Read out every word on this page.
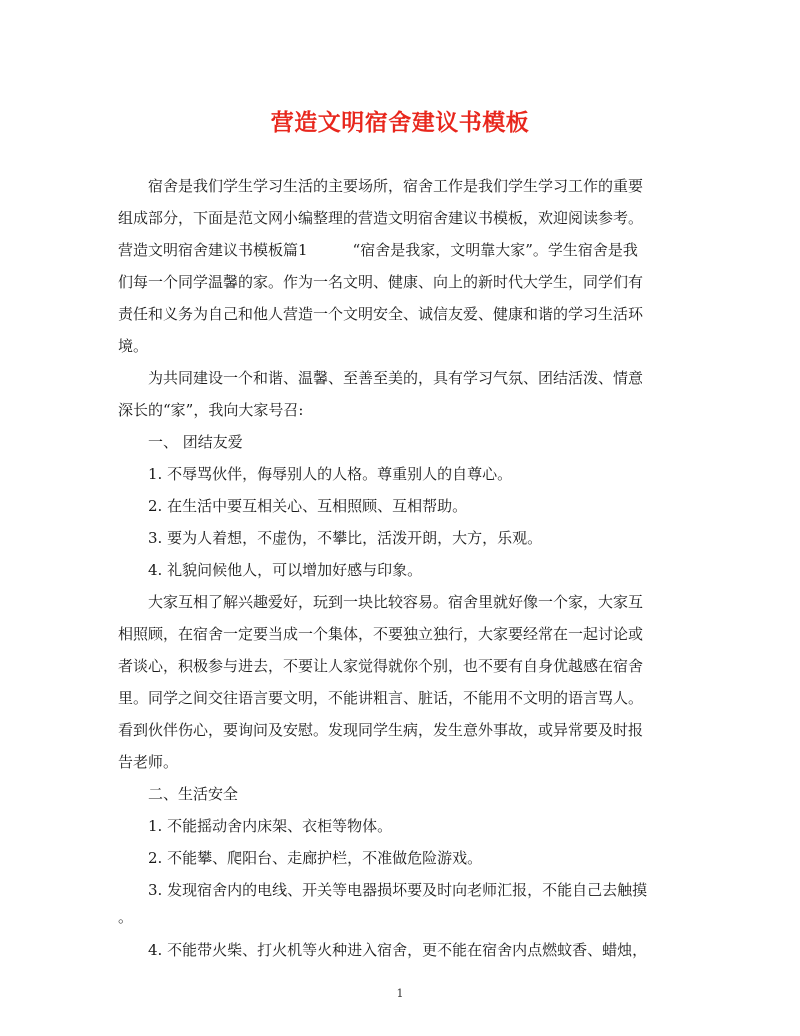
营造文明宿舍建议书模板
宿舍是我们学生学习生活的主要场所，宿舍工作是我们学生学习工作的重要
组成部分，下面是范文网小编整理的营造文明宿舍建议书模板，欢迎阅读参考。
营造文明宿舍建议书模板篇1　　　“宿舍是我家，文明靠大家”。学生宿舍是我
们每一个同学温馨的家。作为一名文明、健康、向上的新时代大学生，同学们有
责任和义务为自己和他人营造一个文明安全、诚信友爱、健康和谐的学习生活环
境。
为共同建设一个和谐、温馨、至善至美的，具有学习气氛、团结活泼、情意
深长的“家”，我向大家号召:
一、 团结友爱
1. 不辱骂伙伴，侮辱别人的人格。尊重别人的自尊心。
2. 在生活中要互相关心、互相照顾、互相帮助。
3. 要为人着想，不虚伪，不攀比，活泼开朗，大方，乐观。
4. 礼貌问候他人，可以增加好感与印象。
大家互相了解兴趣爱好，玩到一块比较容易。宿舍里就好像一个家，大家互
相照顾，在宿舍一定要当成一个集体，不要独立独行，大家要经常在一起讨论或
者谈心，积极参与进去，不要让人家觉得就你个别，也不要有自身优越感在宿舍
里。同学之间交往语言要文明，不能讲粗言、脏话，不能用不文明的语言骂人。
看到伙伴伤心，要询问及安慰。发现同学生病，发生意外事故，或异常要及时报
告老师。
二、生活安全
1. 不能摇动舍内床架、衣柜等物体。
2. 不能攀、爬阳台、走廊护栏，不准做危险游戏。
3. 发现宿舍内的电线、开关等电器损坏要及时向老师汇报，不能自己去触摸
。
4. 不能带火柴、打火机等火种进入宿舍，更不能在宿舍内点燃蚊香、蜡烛，
1
